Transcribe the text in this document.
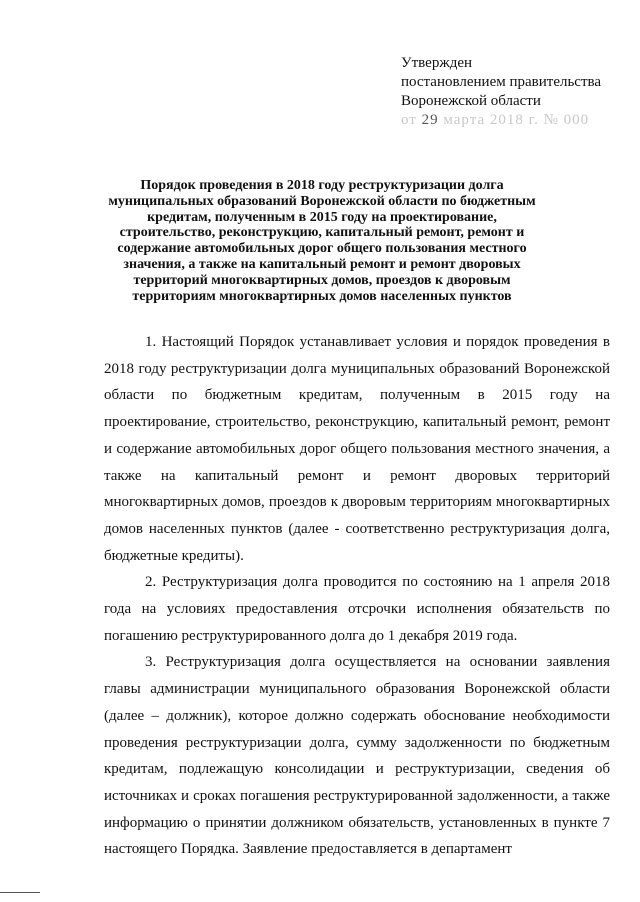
Утвержден
постановлением правительства
Воронежской области
от 29 марта 2018 г. № 000
Порядок проведения в 2018 году реструктуризации долга муниципальных образований Воронежской области по бюджетным кредитам, полученным в 2015 году на проектирование, строительство, реконструкцию, капитальный ремонт, ремонт и содержание автомобильных дорог общего пользования местного значения, а также на капитальный ремонт и ремонт дворовых территорий многоквартирных домов, проездов к дворовым территориям многоквартирных домов населенных пунктов

1. Настоящий Порядок устанавливает условия и порядок проведения в 2018 году реструктуризации долга муниципальных образований Воронежской области по бюджетным кредитам, полученным в 2015 году на проектирование, строительство, реконструкцию, капитальный ремонт, ремонт и содержание автомобильных дорог общего пользования местного значения, а также на капитальный ремонт и ремонт дворовых территорий многоквартирных домов, проездов к дворовым территориям многоквартирных домов населенных пунктов (далее - соответственно реструктуризация долга, бюджетные кредиты).

2. Реструктуризация долга проводится по состоянию на 1 апреля 2018 года на условиях предоставления отсрочки исполнения обязательств по погашению реструктурированного долга до 1 декабря 2019 года.

3. Реструктуризация долга осуществляется на основании заявления главы администрации муниципального образования Воронежской области (далее – должник), которое должно содержать обоснование необходимости проведения реструктуризации долга, сумму задолженности по бюджетным кредитам, подлежащую консолидации и реструктуризации, сведения об источниках и сроках погашения реструктурированной задолженности, а также информацию о принятии должником обязательств, установленных в пункте 7 настоящего Порядка. Заявление предоставляется в департамент
